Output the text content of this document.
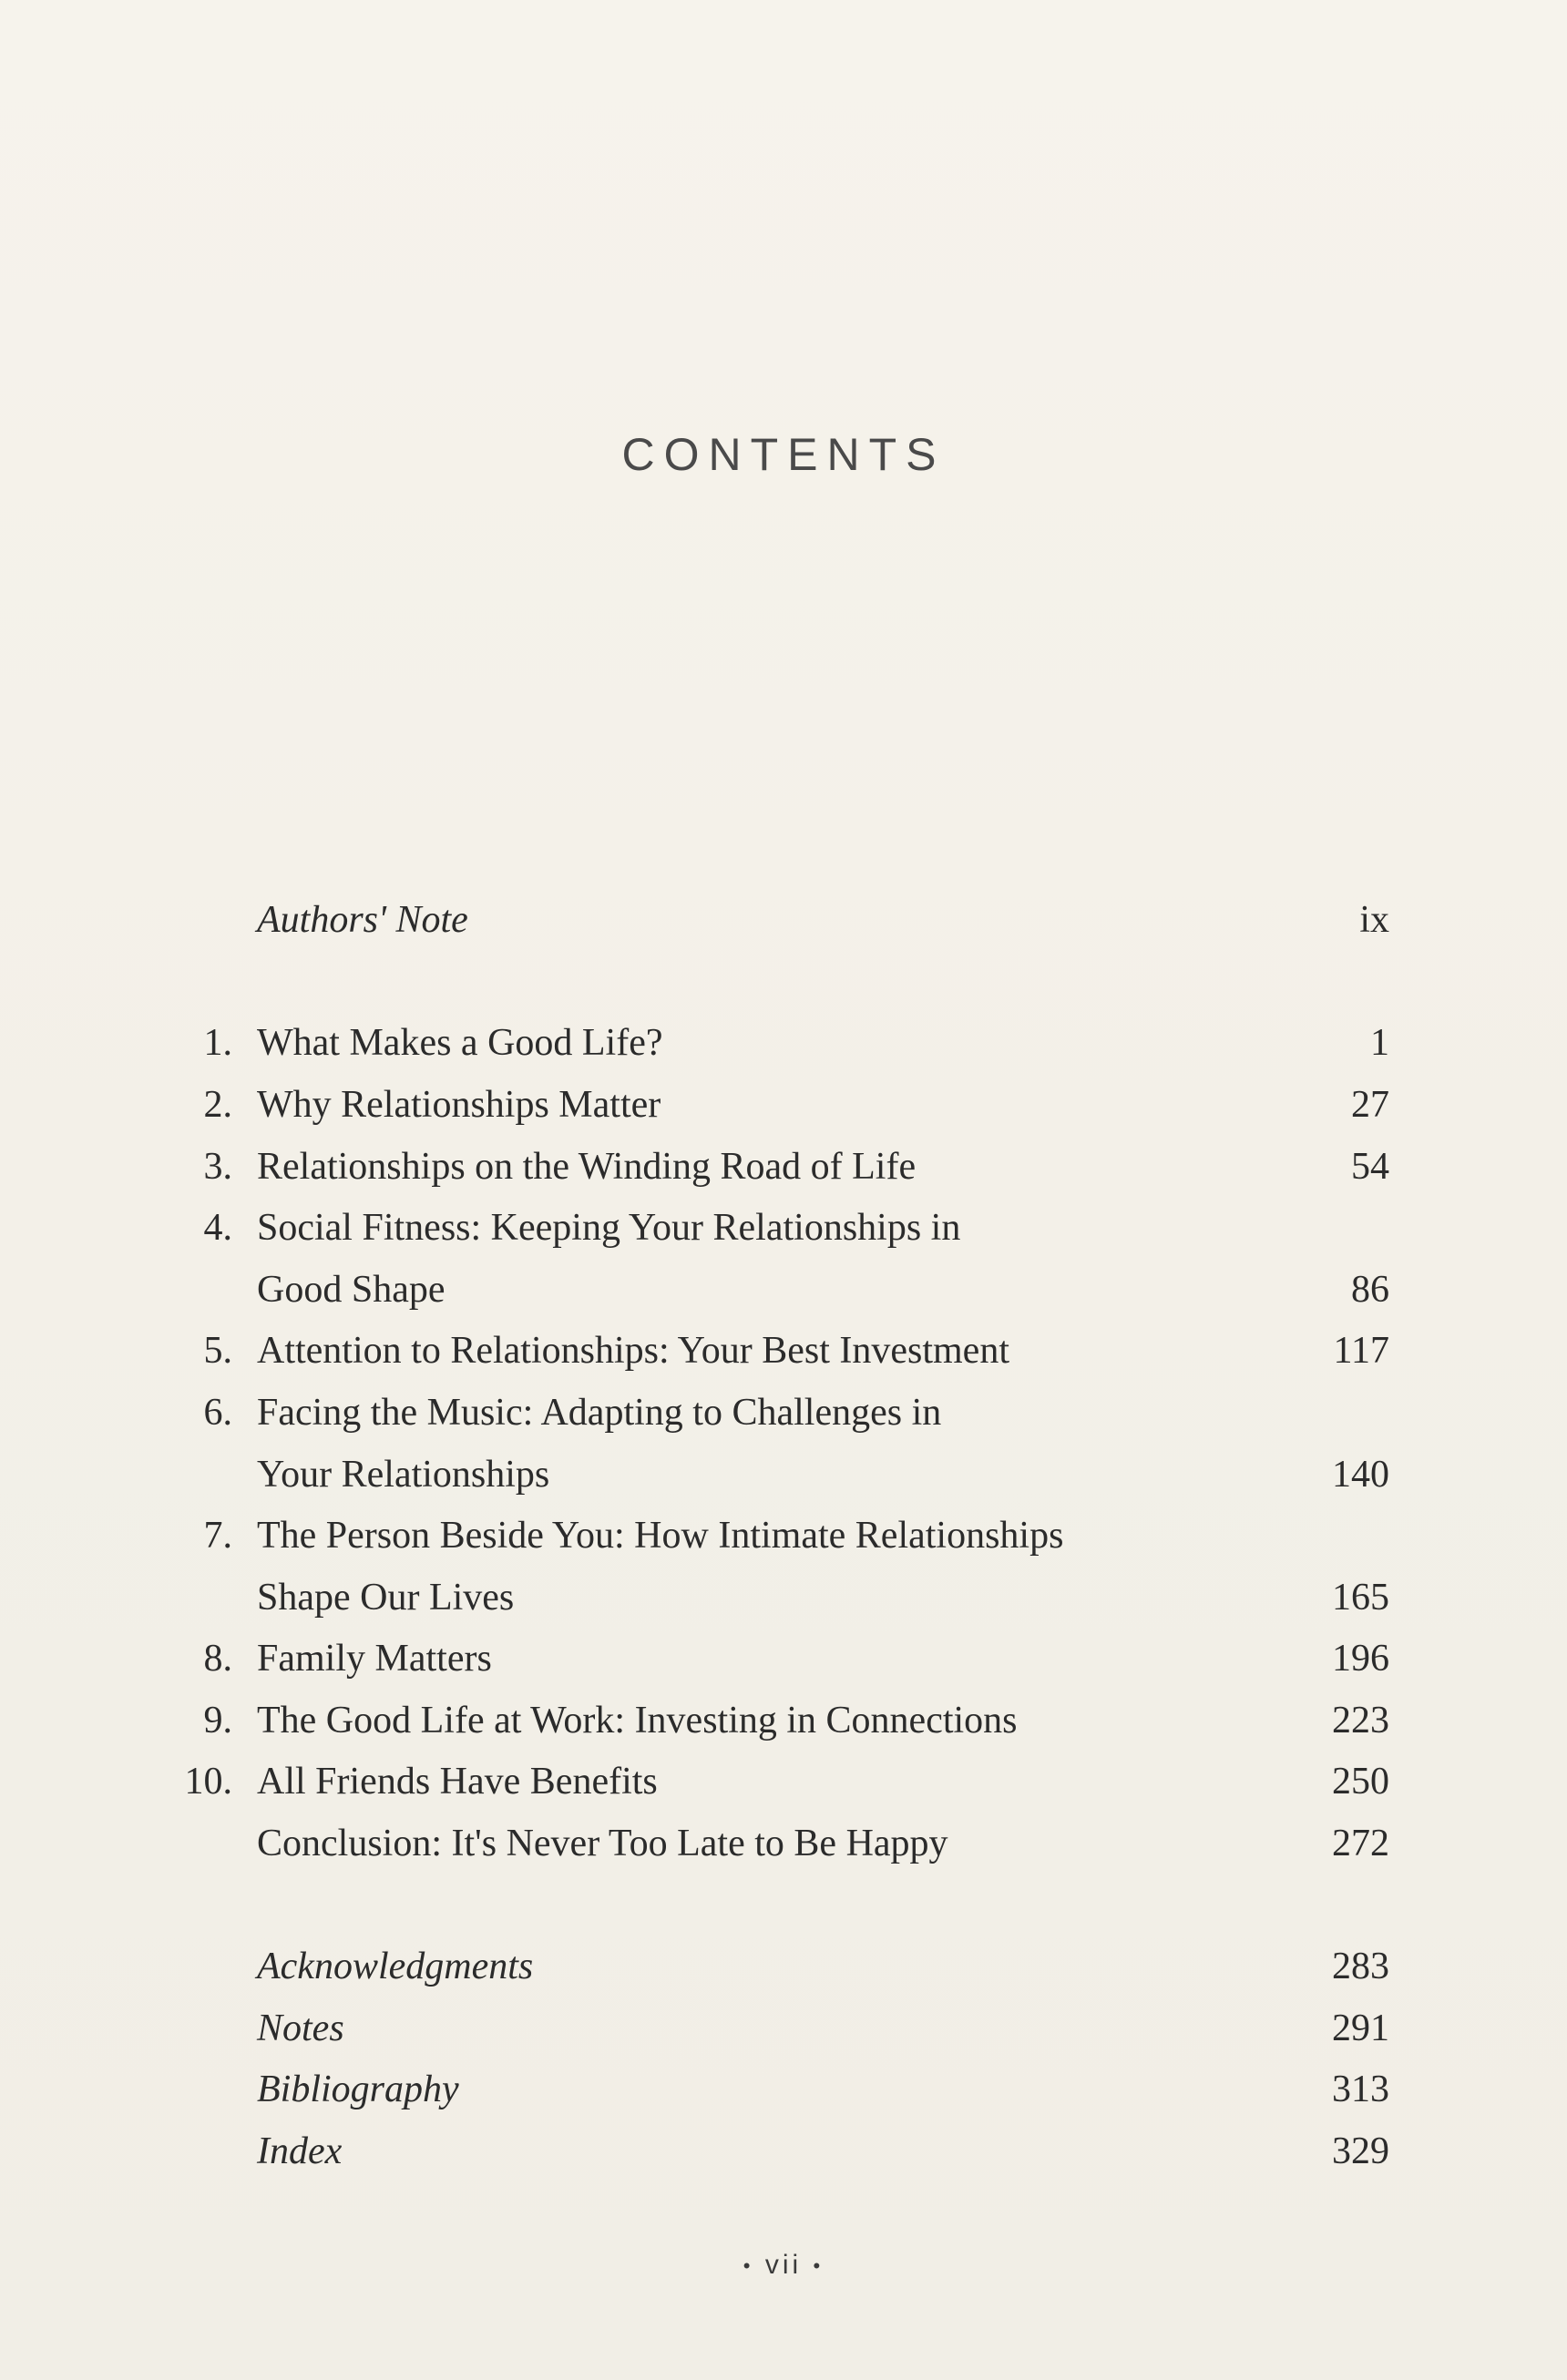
CONTENTS
Authors' Note	ix
1. What Makes a Good Life?	1
2. Why Relationships Matter	27
3. Relationships on the Winding Road of Life	54
4. Social Fitness: Keeping Your Relationships in
Good Shape	86
5. Attention to Relationships: Your Best Investment	117
6. Facing the Music: Adapting to Challenges in
Your Relationships	140
7. The Person Beside You: How Intimate Relationships
Shape Our Lives	165
8. Family Matters	196
9. The Good Life at Work: Investing in Connections	223
10. All Friends Have Benefits	250
Conclusion: It's Never Too Late to Be Happy	272
Acknowledgments	283
Notes	291
Bibliography	313
Index	329
• vii •
